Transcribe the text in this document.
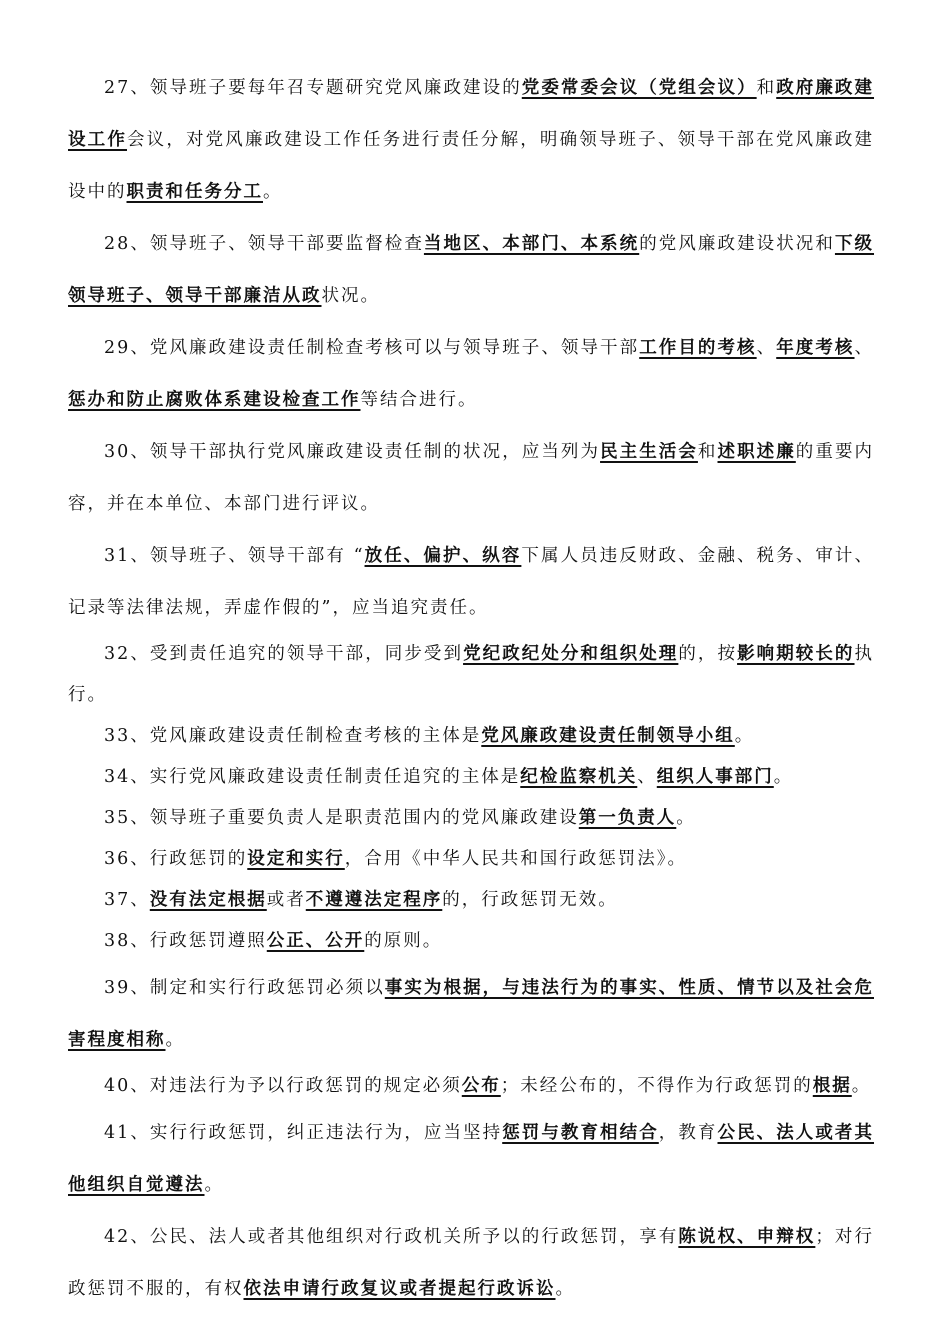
27、领导班子要每年召专题研究党风廉政建设的党委常委会议（党组会议）和政府廉政建设工作会议，对党风廉政建设工作任务进行责任分解，明确领导班子、领导干部在党风廉政建设中的职责和任务分工。

28、领导班子、领导干部要监督检查当地区、本部门、本系统的党风廉政建设状况和下级领导班子、领导干部廉洁从政状况。

29、党风廉政建设责任制检查考核可以与领导班子、领导干部工作目的考核、年度考核、惩办和防止腐败体系建设检查工作等结合进行。

30、领导干部执行党风廉政建设责任制的状况，应当列为民主生活会和述职述廉的重要内容，并在本单位、本部门进行评议。

31、领导班子、领导干部有 “放任、偏护、纵容下属人员违反财政、金融、税务、审计、记录等法律法规，弄虚作假的”，应当追究责任。

32、受到责任追究的领导干部，同步受到党纪政纪处分和组织处理的，按影响期较长的执行。

33、党风廉政建设责任制检查考核的主体是党风廉政建设责任制领导小组。

34、实行党风廉政建设责任制责任追究的主体是纪检监察机关、组织人事部门。

35、领导班子重要负责人是职责范围内的党风廉政建设第一负责人。

36、行政惩罚的设定和实行，合用《中华人民共和国行政惩罚法》。

37、没有法定根据或者不遵遵法定程序的，行政惩罚无效。

38、行政惩罚遵照公正、公开的原则。

39、制定和实行行政惩罚必须以事实为根据，与违法行为的事实、性质、情节以及社会危害程度相称。

40、对违法行为予以行政惩罚的规定必须公布；未经公布的，不得作为行政惩罚的根据。

41、实行行政惩罚，纠正违法行为，应当坚持惩罚与教育相结合，教育公民、法人或者其他组织自觉遵法。

42、公民、法人或者其他组织对行政机关所予以的行政惩罚，享有陈说权、申辩权；对行政惩罚不服的，有权依法申请行政复议或者提起行政诉讼。
